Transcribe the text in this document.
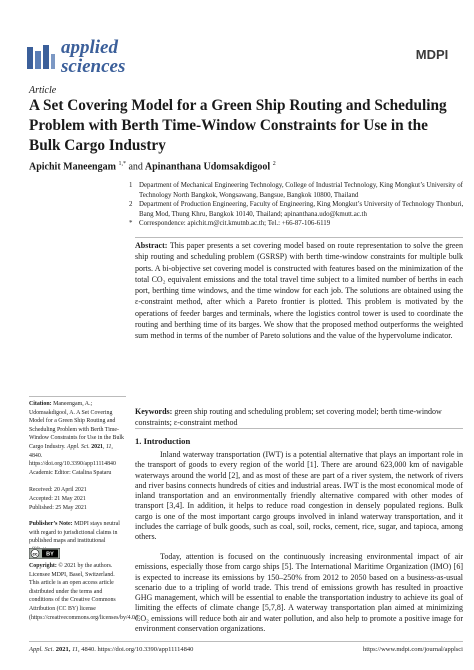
applied
sciences
MDPI
Article
A Set Covering Model for a Green Ship Routing and Scheduling Problem with Berth Time-Window Constraints for Use in the Bulk Cargo Industry
Apichit Maneengam $^{1,*}$ and Apinanthana Udomsakdigool $^2$
1 Department of Mechanical Engineering Technology, College of Industrial Technology, King Mongkut’s University of Technology North Bangkok, Wongsawang, Bangsue, Bangkok 10800, Thailand
2 Department of Production Engineering, Faculty of Engineering, King Mongkut’s University of Technology Thonburi, Bang Mod, Thung Khru, Bangkok 10140, Thailand; apinanthana.udo@kmutt.ac.th
* Correspondence: apichit.m@cit.kmutnb.ac.th; Tel.: +66-87-106-6119
Abstract: This paper presents a set covering model based on route representation to solve the green ship routing and scheduling problem (GSRSP) with berth time-window constraints for multiple bulk ports. A bi-objective set covering model is constructed with features based on the minimization of the total CO₂ equivalent emissions and the total travel time subject to a limited number of berths in each port, berthing time windows, and the time window for each job. The solutions are obtained using the ε-constraint method, after which a Pareto frontier is plotted. This problem is motivated by the operations of feeder barges and terminals, where the logistics control tower is used to coordinate the routing and berthing time of its barges. We show that the proposed method outperforms the weighted sum method in terms of the number of Pareto solutions and the value of the hypervolume indicator.
Keywords: green ship routing and scheduling problem; set covering model; berth time-window constraints; ε-constraint method
Citation: Maneengam, A.; Udomsakdigool, A. A Set Covering Model for a Green Ship Routing and Scheduling Problem with Berth Time-Window Constraints for Use in the Bulk Cargo Industry. Appl. Sci. 2021, 11, 4840. https://doi.org/10.3390/app11114840
Academic Editor: Catalina Spataru
Received: 20 April 2021
Accepted: 21 May 2021
Published: 25 May 2021
Publisher’s Note: MDPI stays neutral with regard to jurisdictional claims in published maps and institutional
cc BY
Copyright: © 2021 by the authors. Licensee MDPI, Basel, Switzerland. This article is an open access article distributed under the terms and conditions of the Creative Commons Attribution (CC BY) license (https://creativecommons.org/licenses/by/4.0/).
1. Introduction

Inland waterway transportation (IWT) is a potential alternative that plays an important role in the transport of goods to every region of the world [1]. There are around 623,000 km of navigable waterways around the world [2], and as most of these are part of a river system, the network of rivers and river basins connects hundreds of cities and industrial areas. IWT is the most economical mode of inland transportation and an environmentally friendly alternative compared with other modes of transport [3,4]. In addition, it helps to reduce road congestion in densely populated regions. Bulk cargo is one of the most important cargo groups involved in inland waterway transportation, and it includes the carriage of bulk goods, such as coal, soil, rocks, cement, rice, sugar, and tapioca, among others.

Today, attention is focused on the continuously increasing environmental impact of air emissions, especially those from cargo ships [5]. The International Maritime Organization (IMO) [6] is expected to increase its emissions by 150–250% from 2012 to 2050 based on a business-as-usual scenario due to a tripling of world trade. This trend of emissions growth has resulted in proactive GHG management, which will be essential to enable the transportation industry to achieve its goal of limiting the effects of climate change [5,7,8]. A waterway transportation plan aimed at minimizing CO₂ emissions will reduce both air and water pollution, and also help to promote a positive image for environment conservation organizations.

Appl. Sci. 2021, 11, 4840. https://doi.org/10.3390/app11114840	https://www.mdpi.com/journal/applsci
